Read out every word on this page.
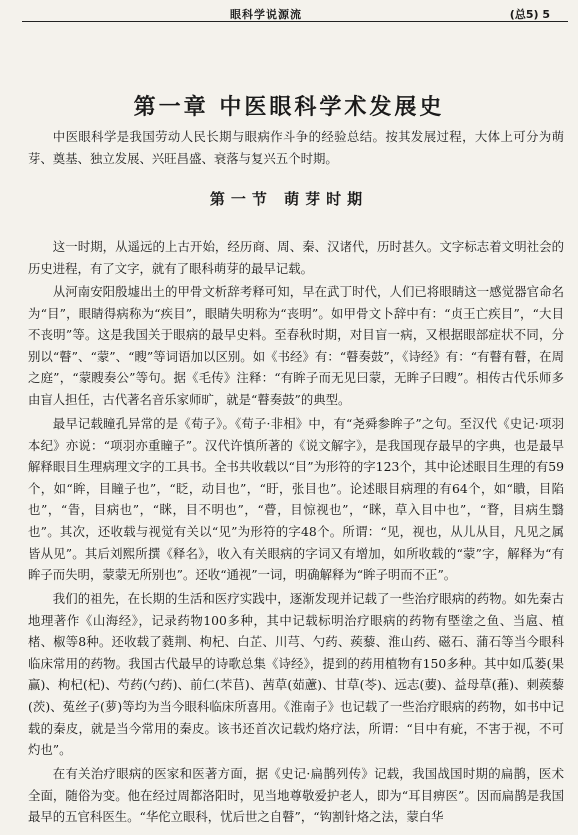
眼科学说源流	(总5) 5
第一章 中医眼科学术发展史

中医眼科学是我国劳动人民长期与眼病作斗争的经验总结。按其发展过程，大体上可分为萌芽、奠基、独立发展、兴旺昌盛、衰落与复兴五个时期。

第一节 萌芽时期

这一时期，从遥远的上古开始，经历商、周、秦、汉诸代，历时甚久。文字标志着文明社会的历史进程，有了文字，就有了眼科萌芽的最早记载。

从河南安阳殷墟出土的甲骨文析辞考释可知，早在武丁时代，人们已将眼睛这一感觉器官命名为“目”，眼睛得病称为“疾目”，眼睛失明称为“丧明”。如甲骨文卜辞中有：“贞王亡疾目”，“大目不丧明”等。这是我国关于眼病的最早史料。至春秋时期，对目盲一病，又根据眼部症状不同，分别以“瞽”、“蒙”、“瞍”等词语加以区别。如《书经》有：“瞽奏鼓”，《诗经》有：“有瞽有瞽，在周之庭”，“蒙瞍奏公”等句。据《毛传》注释：“有眸子而无见曰蒙，无眸子曰瞍”。相传古代乐师多由盲人担任，古代著名音乐家师旷，就是“瞽奏鼓”的典型。

最早记载瞳孔异常的是《荀子》。《荀子·非相》中，有“尧舜参眸子”之句。至汉代《史记·项羽本纪》亦说：“项羽亦重瞳子”。汉代许慎所著的《说文解字》，是我国现存最早的字典，也是最早解释眼目生理病理文字的工具书。全书共收载以“目”为形符的字123个，其中论述眼目生理的有59个，如“眸，目瞳子也”，“眨，动目也”，“盱，张目也”。论述眼目病理的有64个，如“瞶，目陷也”，“眚，目病也”，“眯，目不明也”，“瞢，目惊视也”，“眯，草入目中也”，“瞀，目病生翳也”。其次，还收载与视觉有关以“见”为形符的字48个。所谓：“见，视也，从儿从目，凡见之属皆从见”。其后刘熙所撰《释名》，收入有关眼病的字词又有增加，如所收载的“蒙”字，解释为“有眸子而失明，蒙蒙无所别也”。还收“通视”一词，明确解释为“眸子明而不正”。

我们的祖先，在长期的生活和医疗实践中，逐渐发现并记载了一些治疗眼病的药物。如先秦古地理著作《山海经》，记录药物100多种，其中记载标明治疗眼病的药物有塈塗之鱼、当扈、植楮、椒等8种。还收载了蕤荆、枸杞、白芷、川芎、勺药、蒺藜、淮山药、磁石、蒲石等当今眼科临床常用的药物。我国古代最早的诗歌总集《诗经》，提到的药用植物有150多种。其中如瓜蒌(果赢)、枸杞(杞)、芍药(勺药)、前仁(芣苢)、茜草(茹藘)、甘草(苓)、远志(葽)、益母草(蓷)、刺蒺藜(茨)、菟丝子(萝)等均为当今眼科临床所喜用。《淮南子》也记载了一些治疗眼病的药物，如书中记载的秦皮，就是当今常用的秦皮。该书还首次记载灼烙疗法，所谓：“目中有疵，不害于视，不可灼也”。

在有关治疗眼病的医家和医著方面，据《史记·扁鹊列传》记载，我国战国时期的扁鹊，医术全面，随俗为变。他在经过周都洛阳时，见当地尊敬爱护老人，即为“耳目痹医”。因而扁鹊是我国最早的五官科医生。“华佗立眼科，忧后世之自瞽”，“钩割针烙之法，蒙白华
